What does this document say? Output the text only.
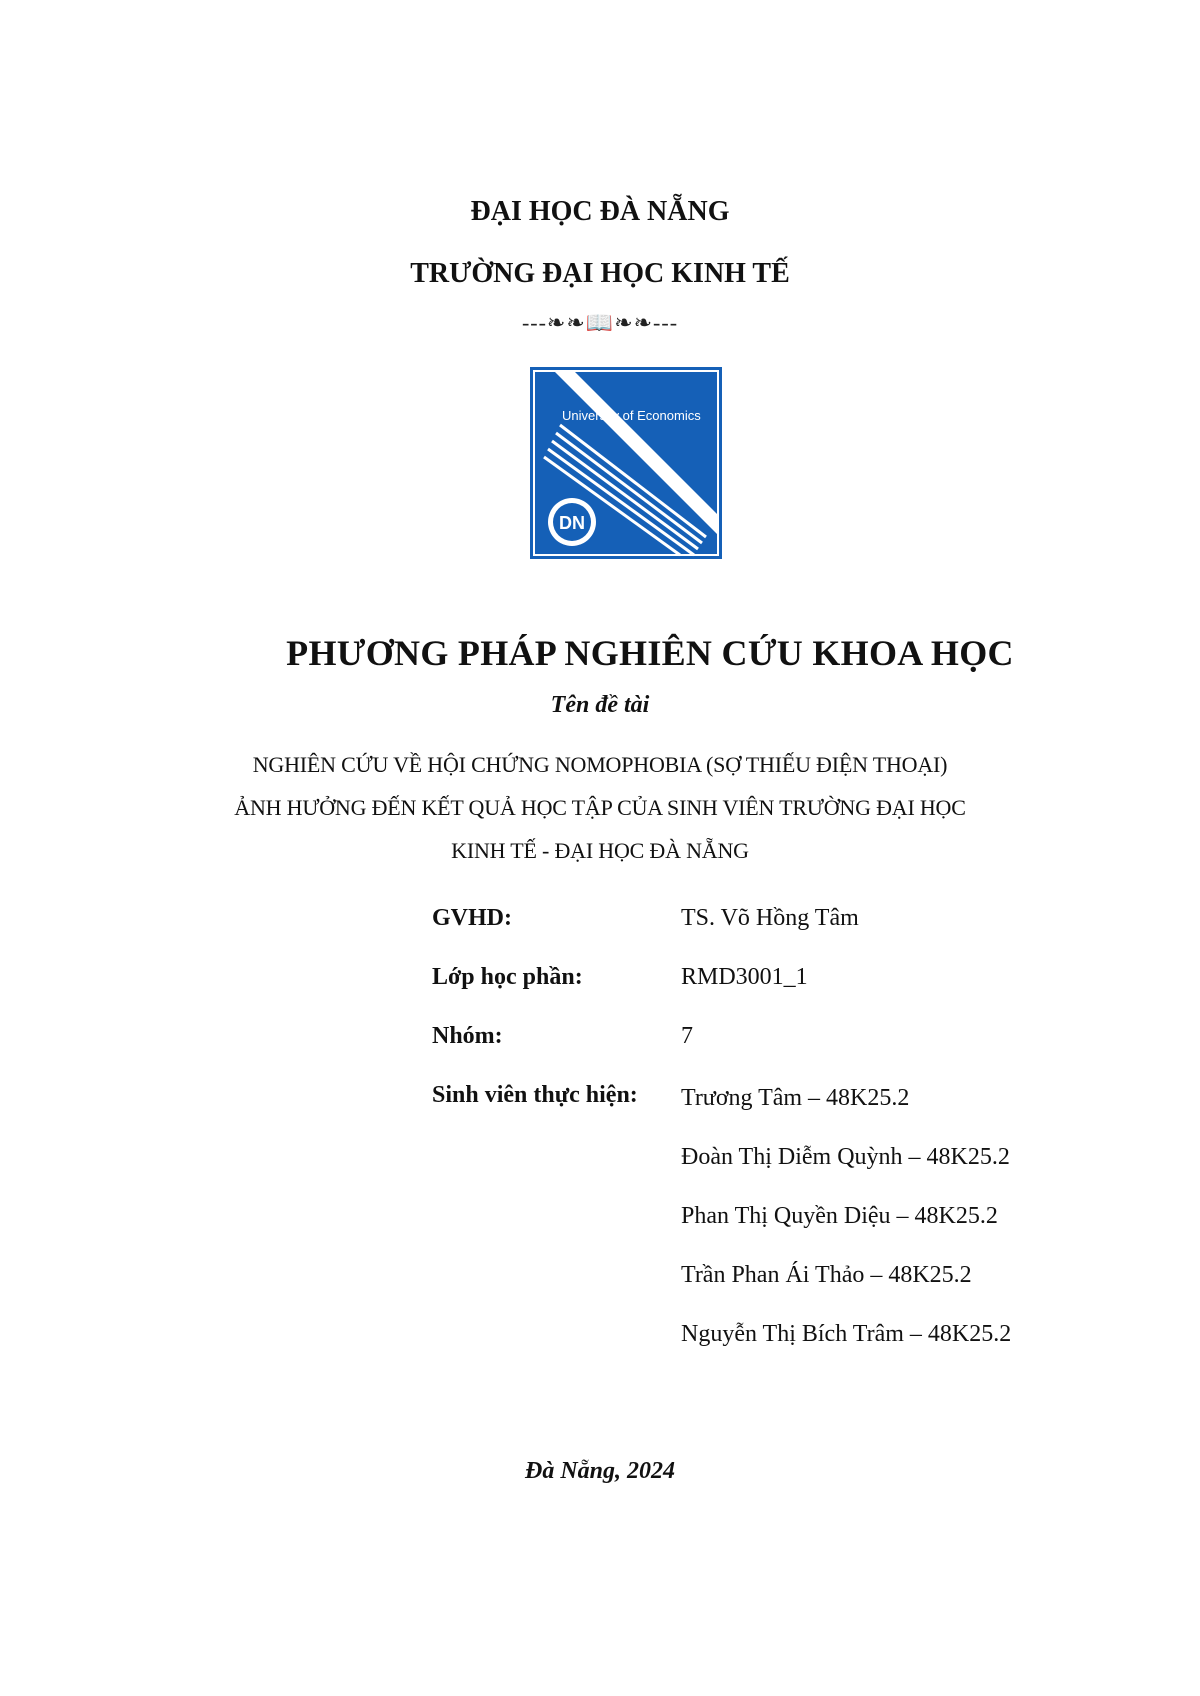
ĐẠI HỌC ĐÀ NẴNG
TRƯỜNG ĐẠI HỌC KINH TẾ
---❧❧📖❧❧---
DN
University of Economics
PHƯƠNG PHÁP NGHIÊN CỨU KHOA HỌC
Tên đề tài
NGHIÊN CỨU VỀ HỘI CHỨNG NOMOPHOBIA (SỢ THIẾU ĐIỆN THOẠI)
ẢNH HƯỞNG ĐẾN KẾT QUẢ HỌC TẬP CỦA SINH VIÊN TRƯỜNG ĐẠI HỌC
KINH TẾ - ĐẠI HỌC ĐÀ NẴNG
GVHD:	TS. Võ Hồng Tâm
Lớp học phần:	RMD3001_1
Nhóm:	7
Sinh viên thực hiện: Trương Tâm – 48K25.2
Đoàn Thị Diễm Quỳnh – 48K25.2
Phan Thị Quyền Diệu – 48K25.2
Trần Phan Ái Thảo – 48K25.2
Nguyễn Thị Bích Trâm – 48K25.2
Đà Nẵng, 2024
